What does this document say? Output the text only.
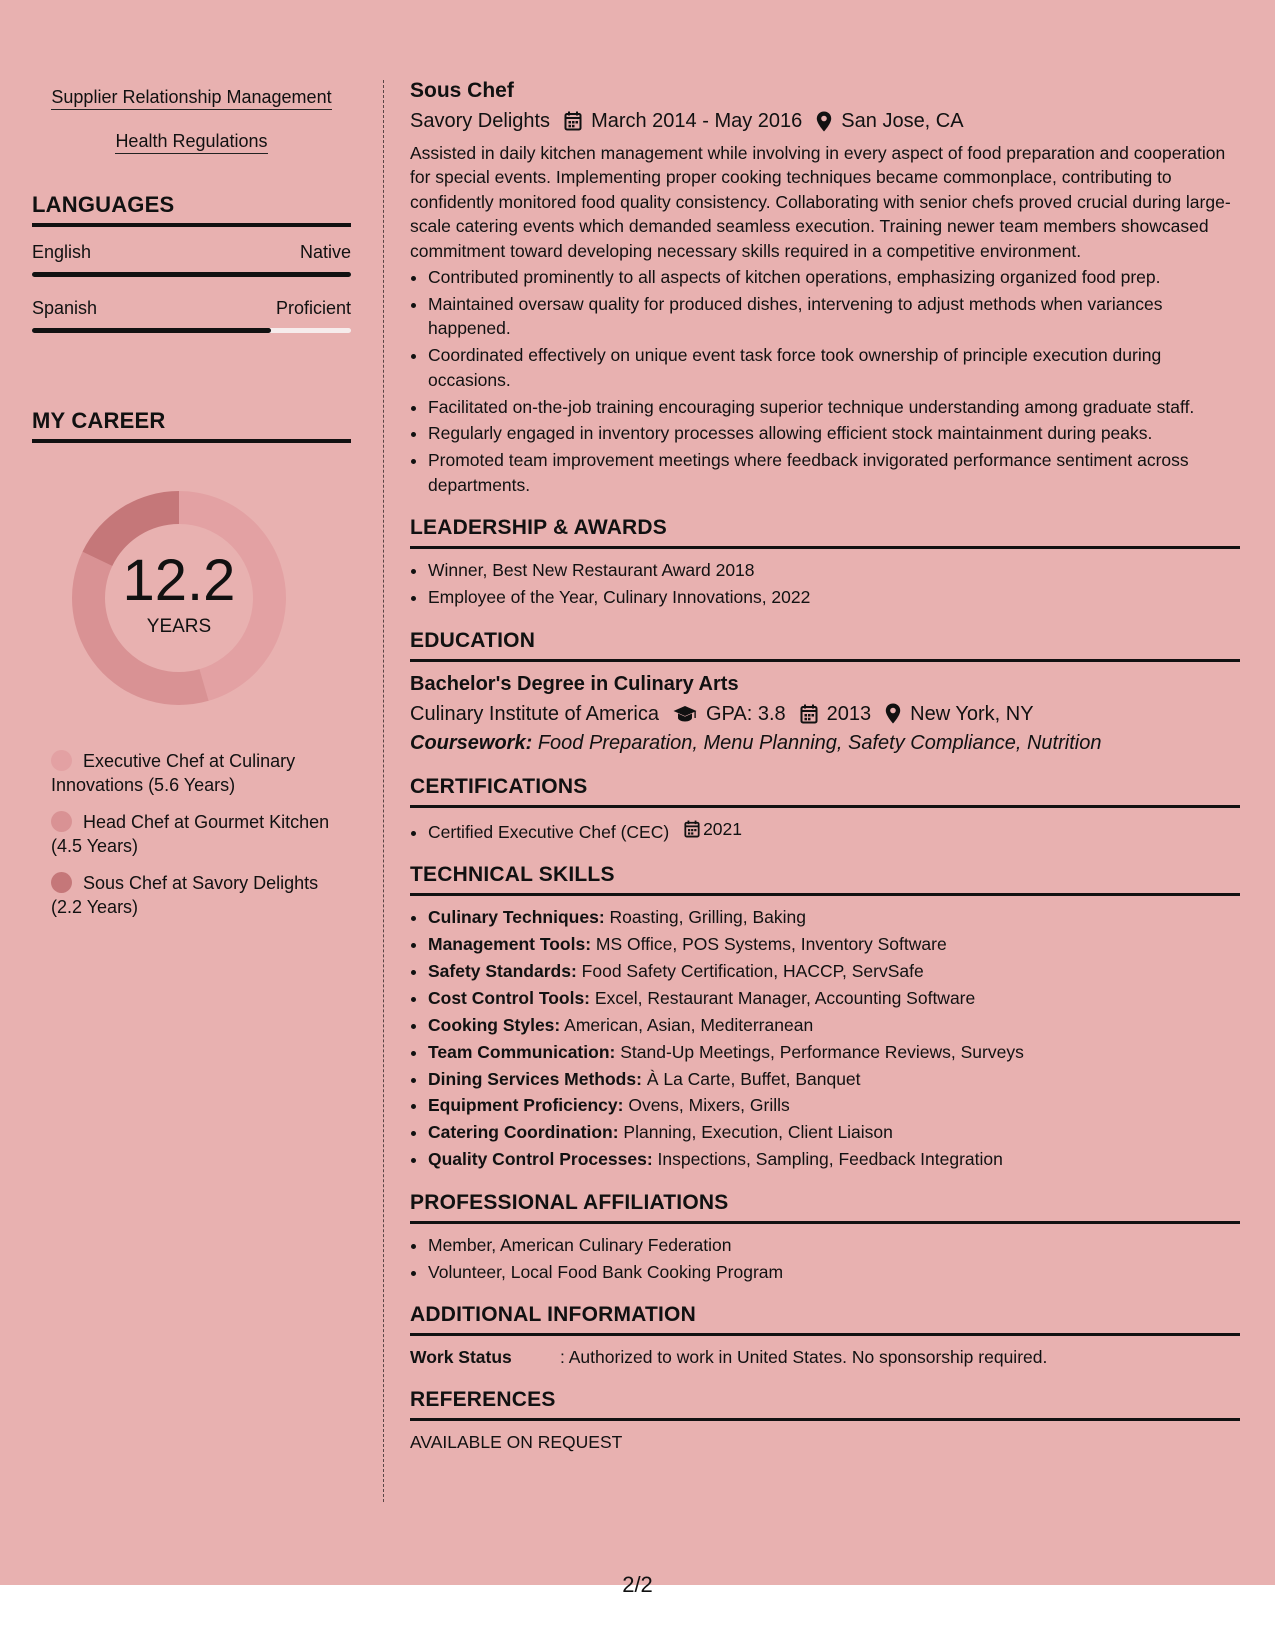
Supplier Relationship Management
Health Regulations
LANGUAGES
English	Native
Spanish	Proficient
MY CAREER
12.2
YEARS
Executive Chef at Culinary Innovations (5.6 Years)
Head Chef at Gourmet Kitchen (4.5 Years)
Sous Chef at Savory Delights (2.2 Years)
Sous Chef
Savory Delights March 2014 - May 2016 San Jose, CA
Assisted in daily kitchen management while involving in every aspect of food preparation and cooperation for special events. Implementing proper cooking techniques became commonplace, contributing to confidently monitored food quality consistency. Collaborating with senior chefs proved crucial during large-scale catering events which demanded seamless execution. Training newer team members showcased commitment toward developing necessary skills required in a competitive environment.
• Contributed prominently to all aspects of kitchen operations, emphasizing organized food prep.
• Maintained oversaw quality for produced dishes, intervening to adjust methods when variances happened.
• Coordinated effectively on unique event task force took ownership of principle execution during occasions.
• Facilitated on-the-job training encouraging superior technique understanding among graduate staff.
• Regularly engaged in inventory processes allowing efficient stock maintainment during peaks.
• Promoted team improvement meetings where feedback invigorated performance sentiment across departments.
LEADERSHIP & AWARDS
• Winner, Best New Restaurant Award 2018
• Employee of the Year, Culinary Innovations, 2022
EDUCATION
Bachelor's Degree in Culinary Arts
Culinary Institute of America GPA: 3.8 2013 New York, NY
Coursework: Food Preparation, Menu Planning, Safety Compliance, Nutrition
CERTIFICATIONS
• Certified Executive Chef (CEC) 2021
TECHNICAL SKILLS
• Culinary Techniques: Roasting, Grilling, Baking
• Management Tools: MS Office, POS Systems, Inventory Software
• Safety Standards: Food Safety Certification, HACCP, ServSafe
• Cost Control Tools: Excel, Restaurant Manager, Accounting Software
• Cooking Styles: American, Asian, Mediterranean
• Team Communication: Stand-Up Meetings, Performance Reviews, Surveys
• Dining Services Methods: À La Carte, Buffet, Banquet
• Equipment Proficiency: Ovens, Mixers, Grills
• Catering Coordination: Planning, Execution, Client Liaison
• Quality Control Processes: Inspections, Sampling, Feedback Integration
PROFESSIONAL AFFILIATIONS
• Member, American Culinary Federation
• Volunteer, Local Food Bank Cooking Program
ADDITIONAL INFORMATION
Work Status	: Authorized to work in United States. No sponsorship required.
REFERENCES
AVAILABLE ON REQUEST
2/2
